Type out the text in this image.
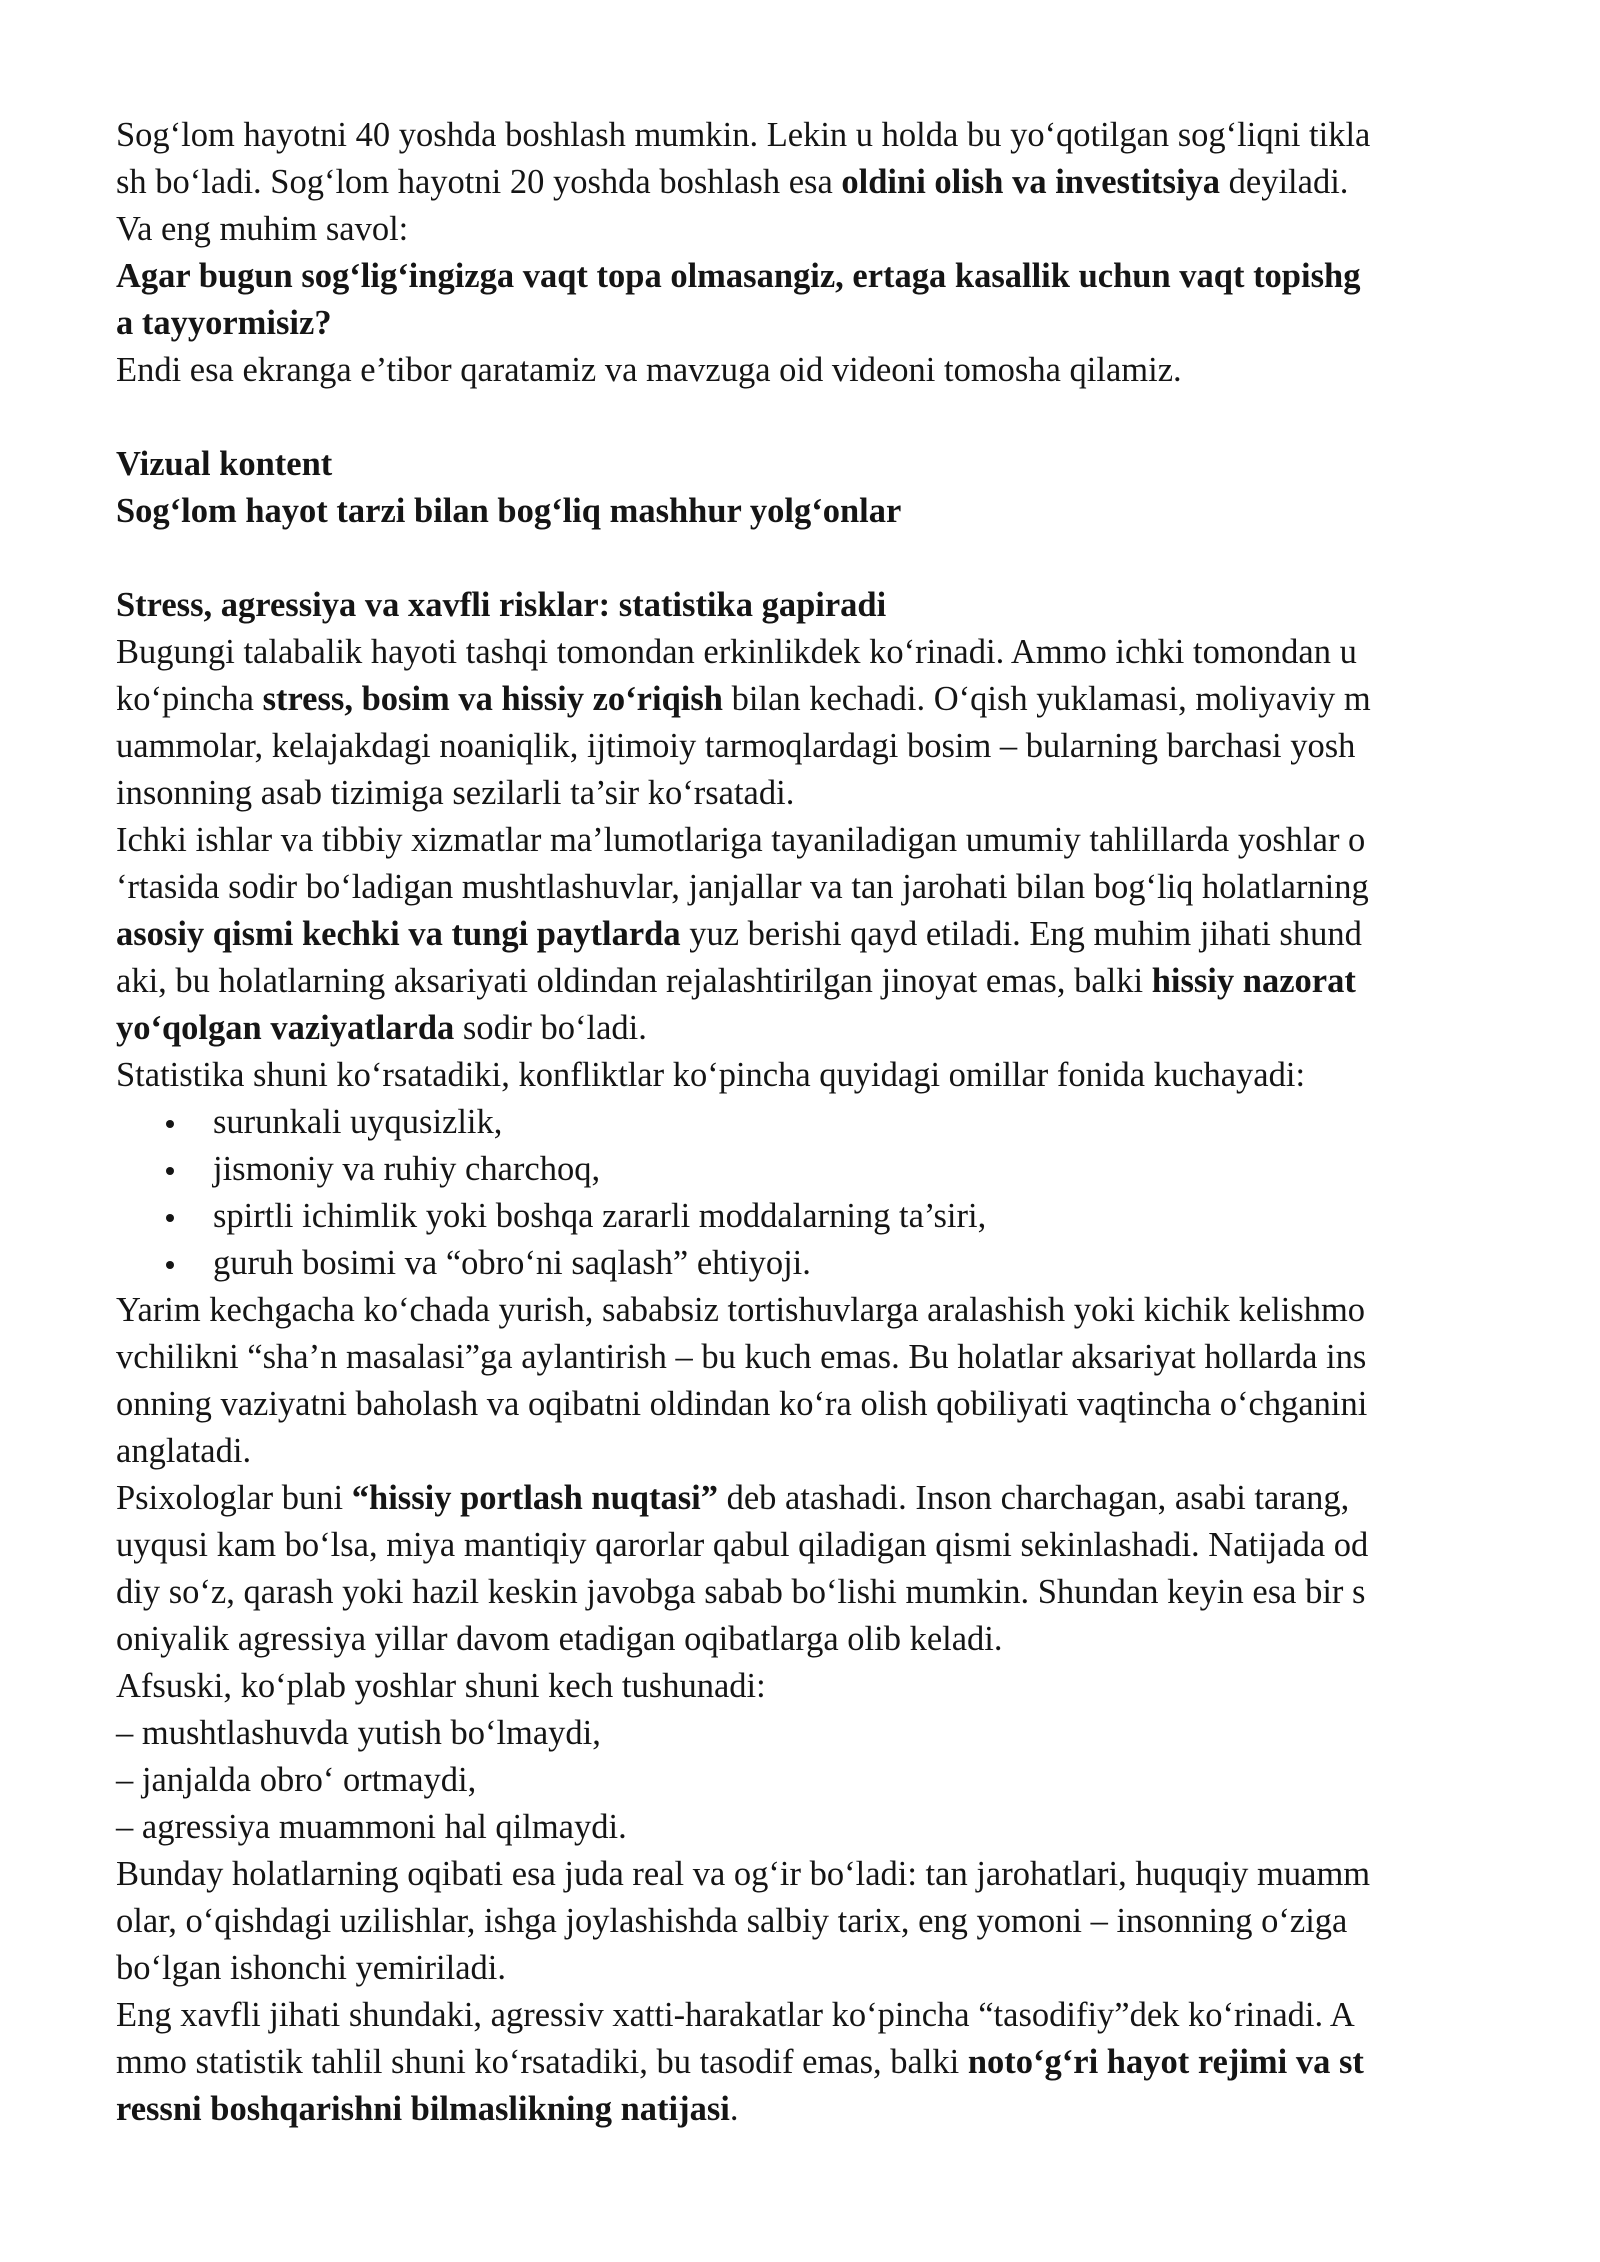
Sog‘lom hayotni 40 yoshda boshlash mumkin. Lekin u holda bu yo‘qotilgan sog‘liqni tikla
sh bo‘ladi. Sog‘lom hayotni 20 yoshda boshlash esa oldini olish va investitsiya deyiladi.
Va eng muhim savol:
Agar bugun sog‘lig‘ingizga vaqt topa olmasangiz, ertaga kasallik uchun vaqt topishg
a tayyormisiz?
Endi esa ekranga e’tibor qaratamiz va mavzuga oid videoni tomosha qilamiz.
Vizual kontent
Sog‘lom hayot tarzi bilan bog‘liq mashhur yolg‘onlar
Stress, agressiya va xavfli risklar: statistika gapiradi
Bugungi talabalik hayoti tashqi tomondan erkinlikdek ko‘rinadi. Ammo ichki tomondan u
ko‘pincha stress, bosim va hissiy zo‘riqish bilan kechadi. O‘qish yuklamasi, moliyaviy m
uammolar, kelajakdagi noaniqlik, ijtimoiy tarmoqlardagi bosim – bularning barchasi yosh
insonning asab tizimiga sezilarli ta’sir ko‘rsatadi.
Ichki ishlar va tibbiy xizmatlar ma’lumotlariga tayaniladigan umumiy tahlillarda yoshlar o
‘rtasida sodir bo‘ladigan mushtlashuvlar, janjallar va tan jarohati bilan bog‘liq holatlarning
asosiy qismi kechki va tungi paytlarda yuz berishi qayd etiladi. Eng muhim jihati shund
aki, bu holatlarning aksariyati oldindan rejalashtirilgan jinoyat emas, balki hissiy nazorat
yo‘qolgan vaziyatlarda sodir bo‘ladi.
Statistika shuni ko‘rsatadiki, konfliktlar ko‘pincha quyidagi omillar fonida kuchayadi:
surunkali uyqusizlik,
jismoniy va ruhiy charchoq,
spirtli ichimlik yoki boshqa zararli moddalarning ta’siri,
guruh bosimi va “obro‘ni saqlash” ehtiyoji.
Yarim kechgacha ko‘chada yurish, sababsiz tortishuvlarga aralashish yoki kichik kelishmo
vchilikni “sha’n masalasi”ga aylantirish – bu kuch emas. Bu holatlar aksariyat hollarda ins
onning vaziyatni baholash va oqibatni oldindan ko‘ra olish qobiliyati vaqtincha o‘chganini
anglatadi.
Psixologlar buni “hissiy portlash nuqtasi” deb atashadi. Inson charchagan, asabi tarang,
uyqusi kam bo‘lsa, miya mantiqiy qarorlar qabul qiladigan qismi sekinlashadi. Natijada od
diy so‘z, qarash yoki hazil keskin javobga sabab bo‘lishi mumkin. Shundan keyin esa bir s
oniyalik agressiya yillar davom etadigan oqibatlarga olib keladi.
Afsuski, ko‘plab yoshlar shuni kech tushunadi:
– mushtlashuvda yutish bo‘lmaydi,
– janjalda obro‘ ortmaydi,
– agressiya muammoni hal qilmaydi.
Bunday holatlarning oqibati esa juda real va og‘ir bo‘ladi: tan jarohatlari, huquqiy muamm
olar, o‘qishdagi uzilishlar, ishga joylashishda salbiy tarix, eng yomoni – insonning o‘ziga
bo‘lgan ishonchi yemiriladi.
Eng xavfli jihati shundaki, agressiv xatti-harakatlar ko‘pincha “tasodifiy”dek ko‘rinadi. A
mmo statistik tahlil shuni ko‘rsatadiki, bu tasodif emas, balki noto‘g‘ri hayot rejimi va st
ressni boshqarishni bilmaslikning natijasi.
